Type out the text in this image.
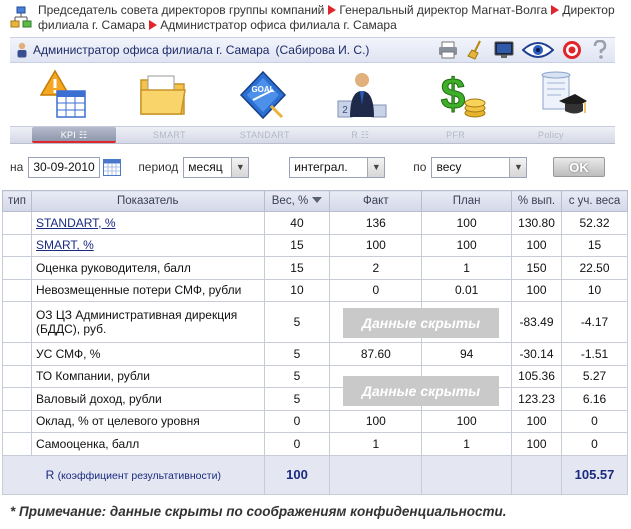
Председатель совета директоров группы компаний Генеральный директор Магнат-Волга Директор филиала г. Самара Администратор офиса филиала г. Самара
Администратор офиса филиала г. Самара (Сабирова И. С.)
GOAL
2 $
KPI ☷	SMART	STANDART	R ☷	PFR	Policy
на 30-09-2010	период месяц	▼	интеграл.	▼	по весу	▼	OK
тип	Показатель	Вес, %	Факт	План	% вып.	с уч. веса
	STANDART, %	40	136	100	130.80	52.32
	SMART, %	15	100	100	100	15
	Оценка руководителя, балл	15	2	1	150	22.50
	Невозмещенные потери СМФ, рубли	10	0	0.01	100	10
	ОЗ ЦЗ Административная дирекция (БДДС), руб.	5			-83.49	-4.17
	УС СМФ, %	5	87.60	94	-30.14	-1.51
	ТО Компании, рубли	5			105.36	5.27
	Валовый доход, рубли	5			123.23	6.16
	Оклад, % от целевого уровня	0	100	100	100	0
	Самооценка, балл	0	1	1	100	0
R (коэффициент результативности)		100				105.57
Данные скрыты
Данные скрыты
* Примечание: данные скрыты по соображениям конфиденциальности.
